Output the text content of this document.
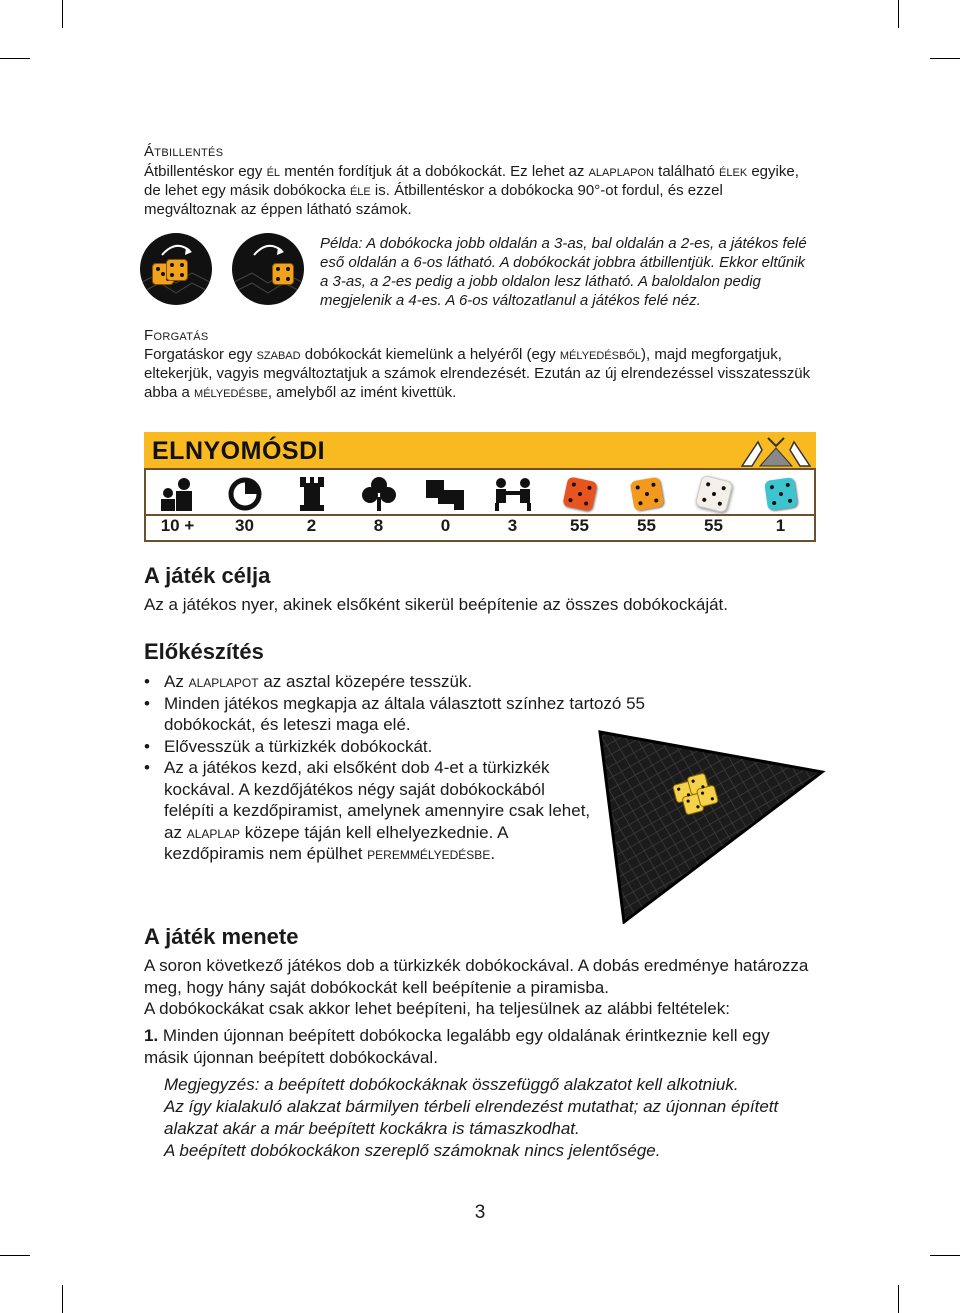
Átbillentés
Átbillentéskor egy él mentén fordítjuk át a dobókockát. Ez lehet az alaplapon található élek egyike, de lehet egy másik dobókocka éle is. Átbillentéskor a dobókocka 90°-ot fordul, és ezzel megváltoznak az éppen látható számok.
Példa: A dobókocka jobb oldalán a 3-as, bal oldalán a 2-es, a játékos felé eső oldalán a 6-os látható. A dobókockát jobbra átbillentjük. Ekkor eltűnik a 3-as, a 2-es pedig a jobb oldalon lesz látható. A baloldalon pedig megjelenik a 4-es. A 6-os változatlanul a játékos felé néz.
Forgatás
Forgatáskor egy szabad dobókockát kiemelünk a helyéről (egy mélyedésből), majd megforgatjuk, eltekerjük, vagyis megváltoztatjuk a számok elrendezését. Ezután az új elrendezéssel visszatesszük abba a mélyedésbe, amelyből az imént kivettük.
ELNYOMÓSDI
10 +	30	2	8	0	3	55	55	55	1
A játék célja
Az a játékos nyer, akinek elsőként sikerül beépítenie az összes dobókockáját.
Előkészítés
• Az alaplapot az asztal közepére tesszük.
• Minden játékos megkapja az általa választott színhez tartozó 55 dobókockát, és leteszi maga elé.
• Elővesszük a türkizkék dobókockát.
• Az a játékos kezd, aki elsőként dob 4-et a türkizkék kockával. A kezdőjátékos négy saját dobókockából felépíti a kezdőpiramist, amelynek amennyire csak lehet, az alaplap közepe táján kell elhelyezkednie. A kezdőpiramis nem épülhet peremmélyedésbe.
A játék menete
A soron következő játékos dob a türkizkék dobókockával. A dobás eredménye határozza meg, hogy hány saját dobókockát kell beépítenie a piramisba.
A dobókockákat csak akkor lehet beépíteni, ha teljesülnek az alábbi feltételek:
1. Minden újonnan beépített dobókocka legalább egy oldalának érintkeznie kell egy másik újonnan beépített dobókockával.
Megjegyzés: a beépített dobókockáknak összefüggő alakzatot kell alkotniuk.
Az így kialakuló alakzat bármilyen térbeli elrendezést mutathat; az újonnan épített alakzat akár a már beépített kockákra is támaszkodhat.
A beépített dobókockákon szereplő számoknak nincs jelentősége.
3
